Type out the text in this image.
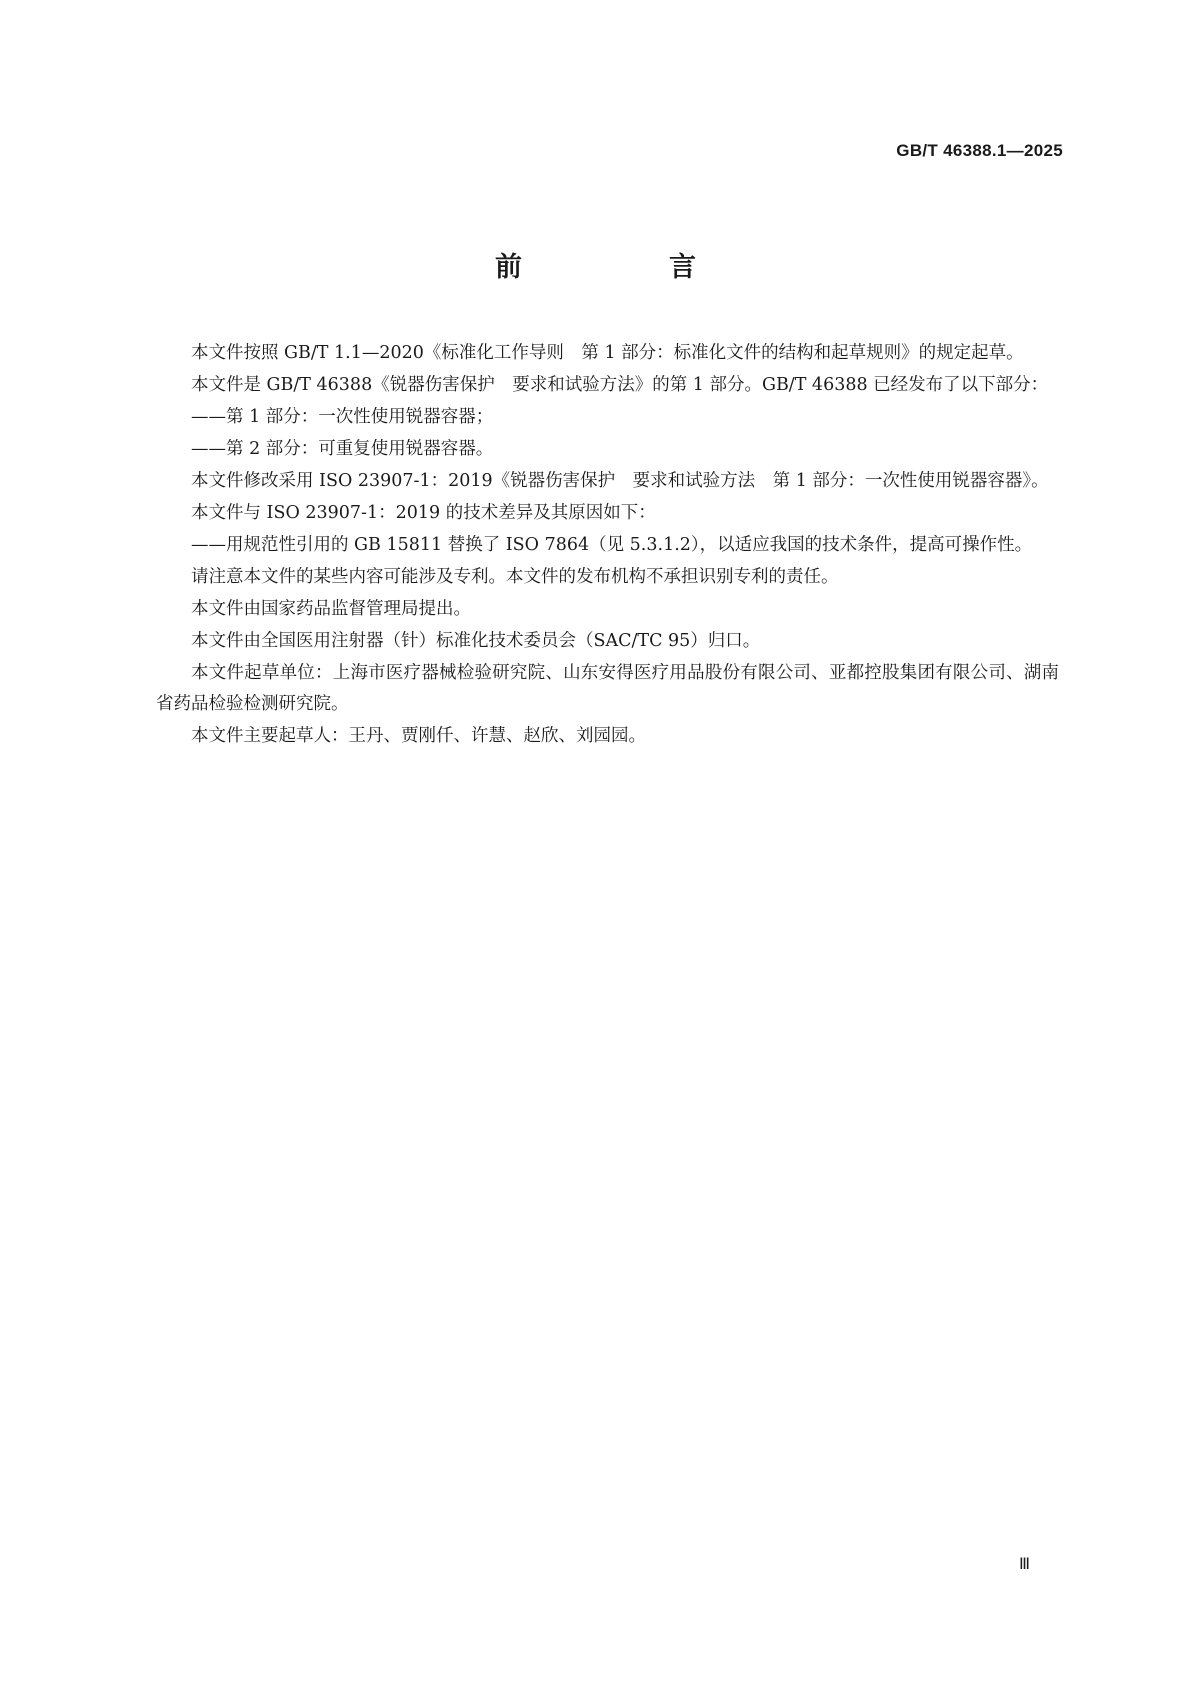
GB/T 46388.1—2025
前　言

本文件按照 GB/T 1.1—2020《标准化工作导则　第 1 部分：标准化文件的结构和起草规则》的规定起草。

本文件是 GB/T 46388《锐器伤害保护　要求和试验方法》的第 1 部分。GB/T 46388 已经发布了以下部分：

——第 1 部分：一次性使用锐器容器；

——第 2 部分：可重复使用锐器容器。

本文件修改采用 ISO 23907-1：2019《锐器伤害保护　要求和试验方法　第 1 部分：一次性使用锐器容器》。

本文件与 ISO 23907-1：2019 的技术差异及其原因如下：

——用规范性引用的 GB 15811 替换了 ISO 7864（见 5.3.1.2），以适应我国的技术条件，提高可操作性。

请注意本文件的某些内容可能涉及专利。本文件的发布机构不承担识别专利的责任。

本文件由国家药品监督管理局提出。

本文件由全国医用注射器（针）标准化技术委员会（SAC/TC 95）归口。

本文件起草单位：上海市医疗器械检验研究院、山东安得医疗用品股份有限公司、亚都控股集团有限公司、湖南省药品检验检测研究院。

本文件主要起草人：王丹、贾刚仟、许慧、赵欣、刘园园。

Ⅲ
